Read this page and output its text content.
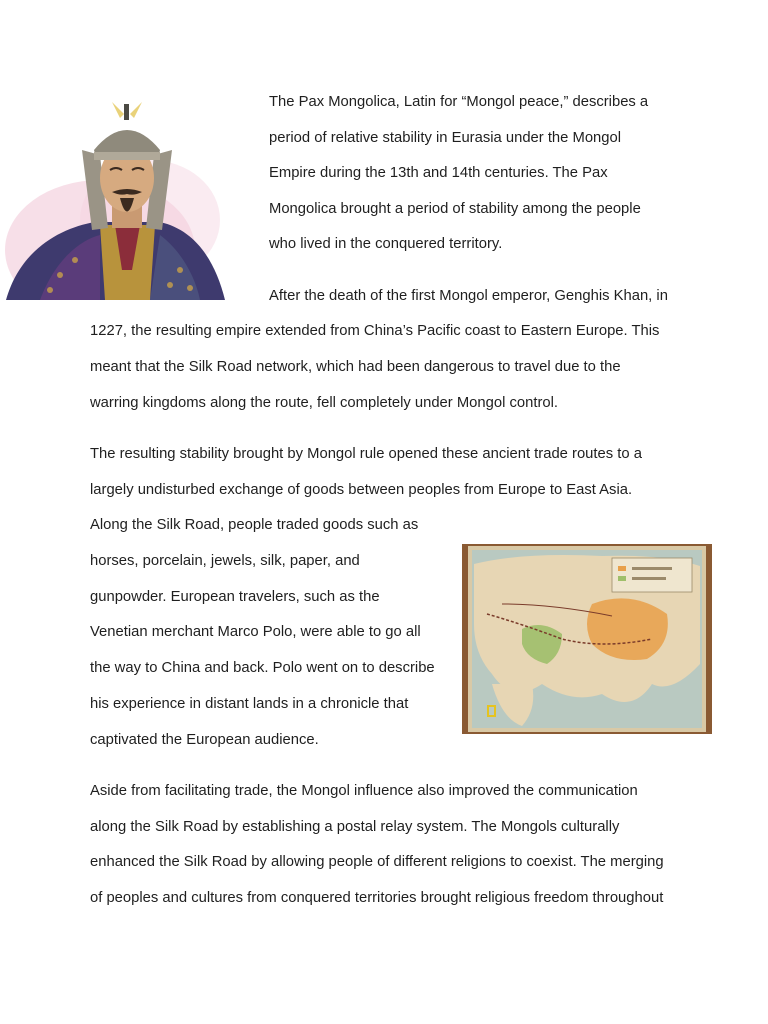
The Pax Mongolica, Latin for “Mongol peace,” describes a
period of relative stability in Eurasia under the Mongol
Empire during the 13th and 14th centuries. The Pax
Mongolica brought a period of stability among the people
who lived in the conquered territory.
After the death of the first Mongol emperor, Genghis Khan, in
1227, the resulting empire extended from China’s Pacific coast to Eastern Europe. This
meant that the Silk Road network, which had been dangerous to travel due to the
warring kingdoms along the route, fell completely under Mongol control.
The resulting stability brought by Mongol rule opened these ancient trade routes to a
largely undisturbed exchange of goods between peoples from Europe to East Asia.
Along the Silk Road, people traded goods such as
horses, porcelain, jewels, silk, paper, and
gunpowder. European travelers, such as the
Venetian merchant Marco Polo, were able to go all
the way to China and back. Polo went on to describe
his experience in distant lands in a chronicle that
captivated the European audience.
Aside from facilitating trade, the Mongol influence also improved the communication
along the Silk Road by establishing a postal relay system. The Mongols culturally
enhanced the Silk Road by allowing people of different religions to coexist. The merging
of peoples and cultures from conquered territories brought religious freedom throughout
